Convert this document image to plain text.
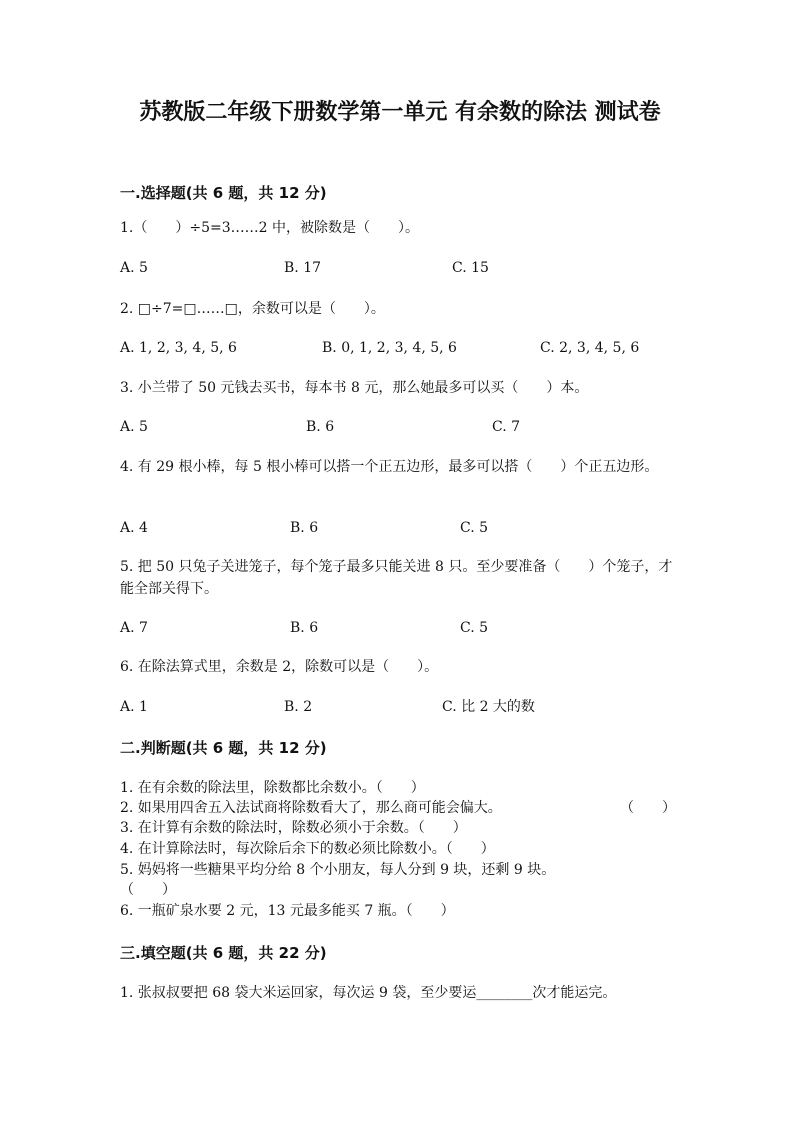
苏教版二年级下册数学第一单元 有余数的除法 测试卷
一.选择题(共 6 题，共 12 分)
1.（　　）÷5=3……2 中，被除数是（　　）。
A. 5	B. 17	C. 15
2. □÷7=□……□，余数可以是（　　）。
A. 1, 2, 3, 4, 5, 6	B. 0, 1, 2, 3, 4, 5, 6	C. 2, 3, 4, 5, 6
3. 小兰带了 50 元钱去买书，每本书 8 元，那么她最多可以买（　　）本。
A. 5	B. 6	C. 7
4. 有 29 根小棒，每 5 根小棒可以搭一个正五边形，最多可以搭（　　）个正五边形。
A. 4	B. 6	C. 5
5. 把 50 只兔子关进笼子，每个笼子最多只能关进 8 只。至少要准备（　　）个笼子，才能全部关得下。
A. 7	B. 6	C. 5
6. 在除法算式里，余数是 2，除数可以是（　　）。
A. 1	B. 2	C. 比 2 大的数
二.判断题(共 6 题，共 12 分)
1. 在有余数的除法里，除数都比余数小。（　　）
2. 如果用四舍五入法试商将除数看大了，那么商可能会偏大。	（　　）
3. 在计算有余数的除法时，除数必须小于余数。（　　）
4. 在计算除法时，每次除后余下的数必须比除数小。（　　）
5. 妈妈将一些糖果平均分给 8 个小朋友，每人分到 9 块，还剩 9 块。
（　　）
6. 一瓶矿泉水要 2 元，13 元最多能买 7 瓶。（　　）
三.填空题(共 6 题，共 22 分)
1. 张叔叔要把 68 袋大米运回家，每次运 9 袋，至少要运________次才能运完。
